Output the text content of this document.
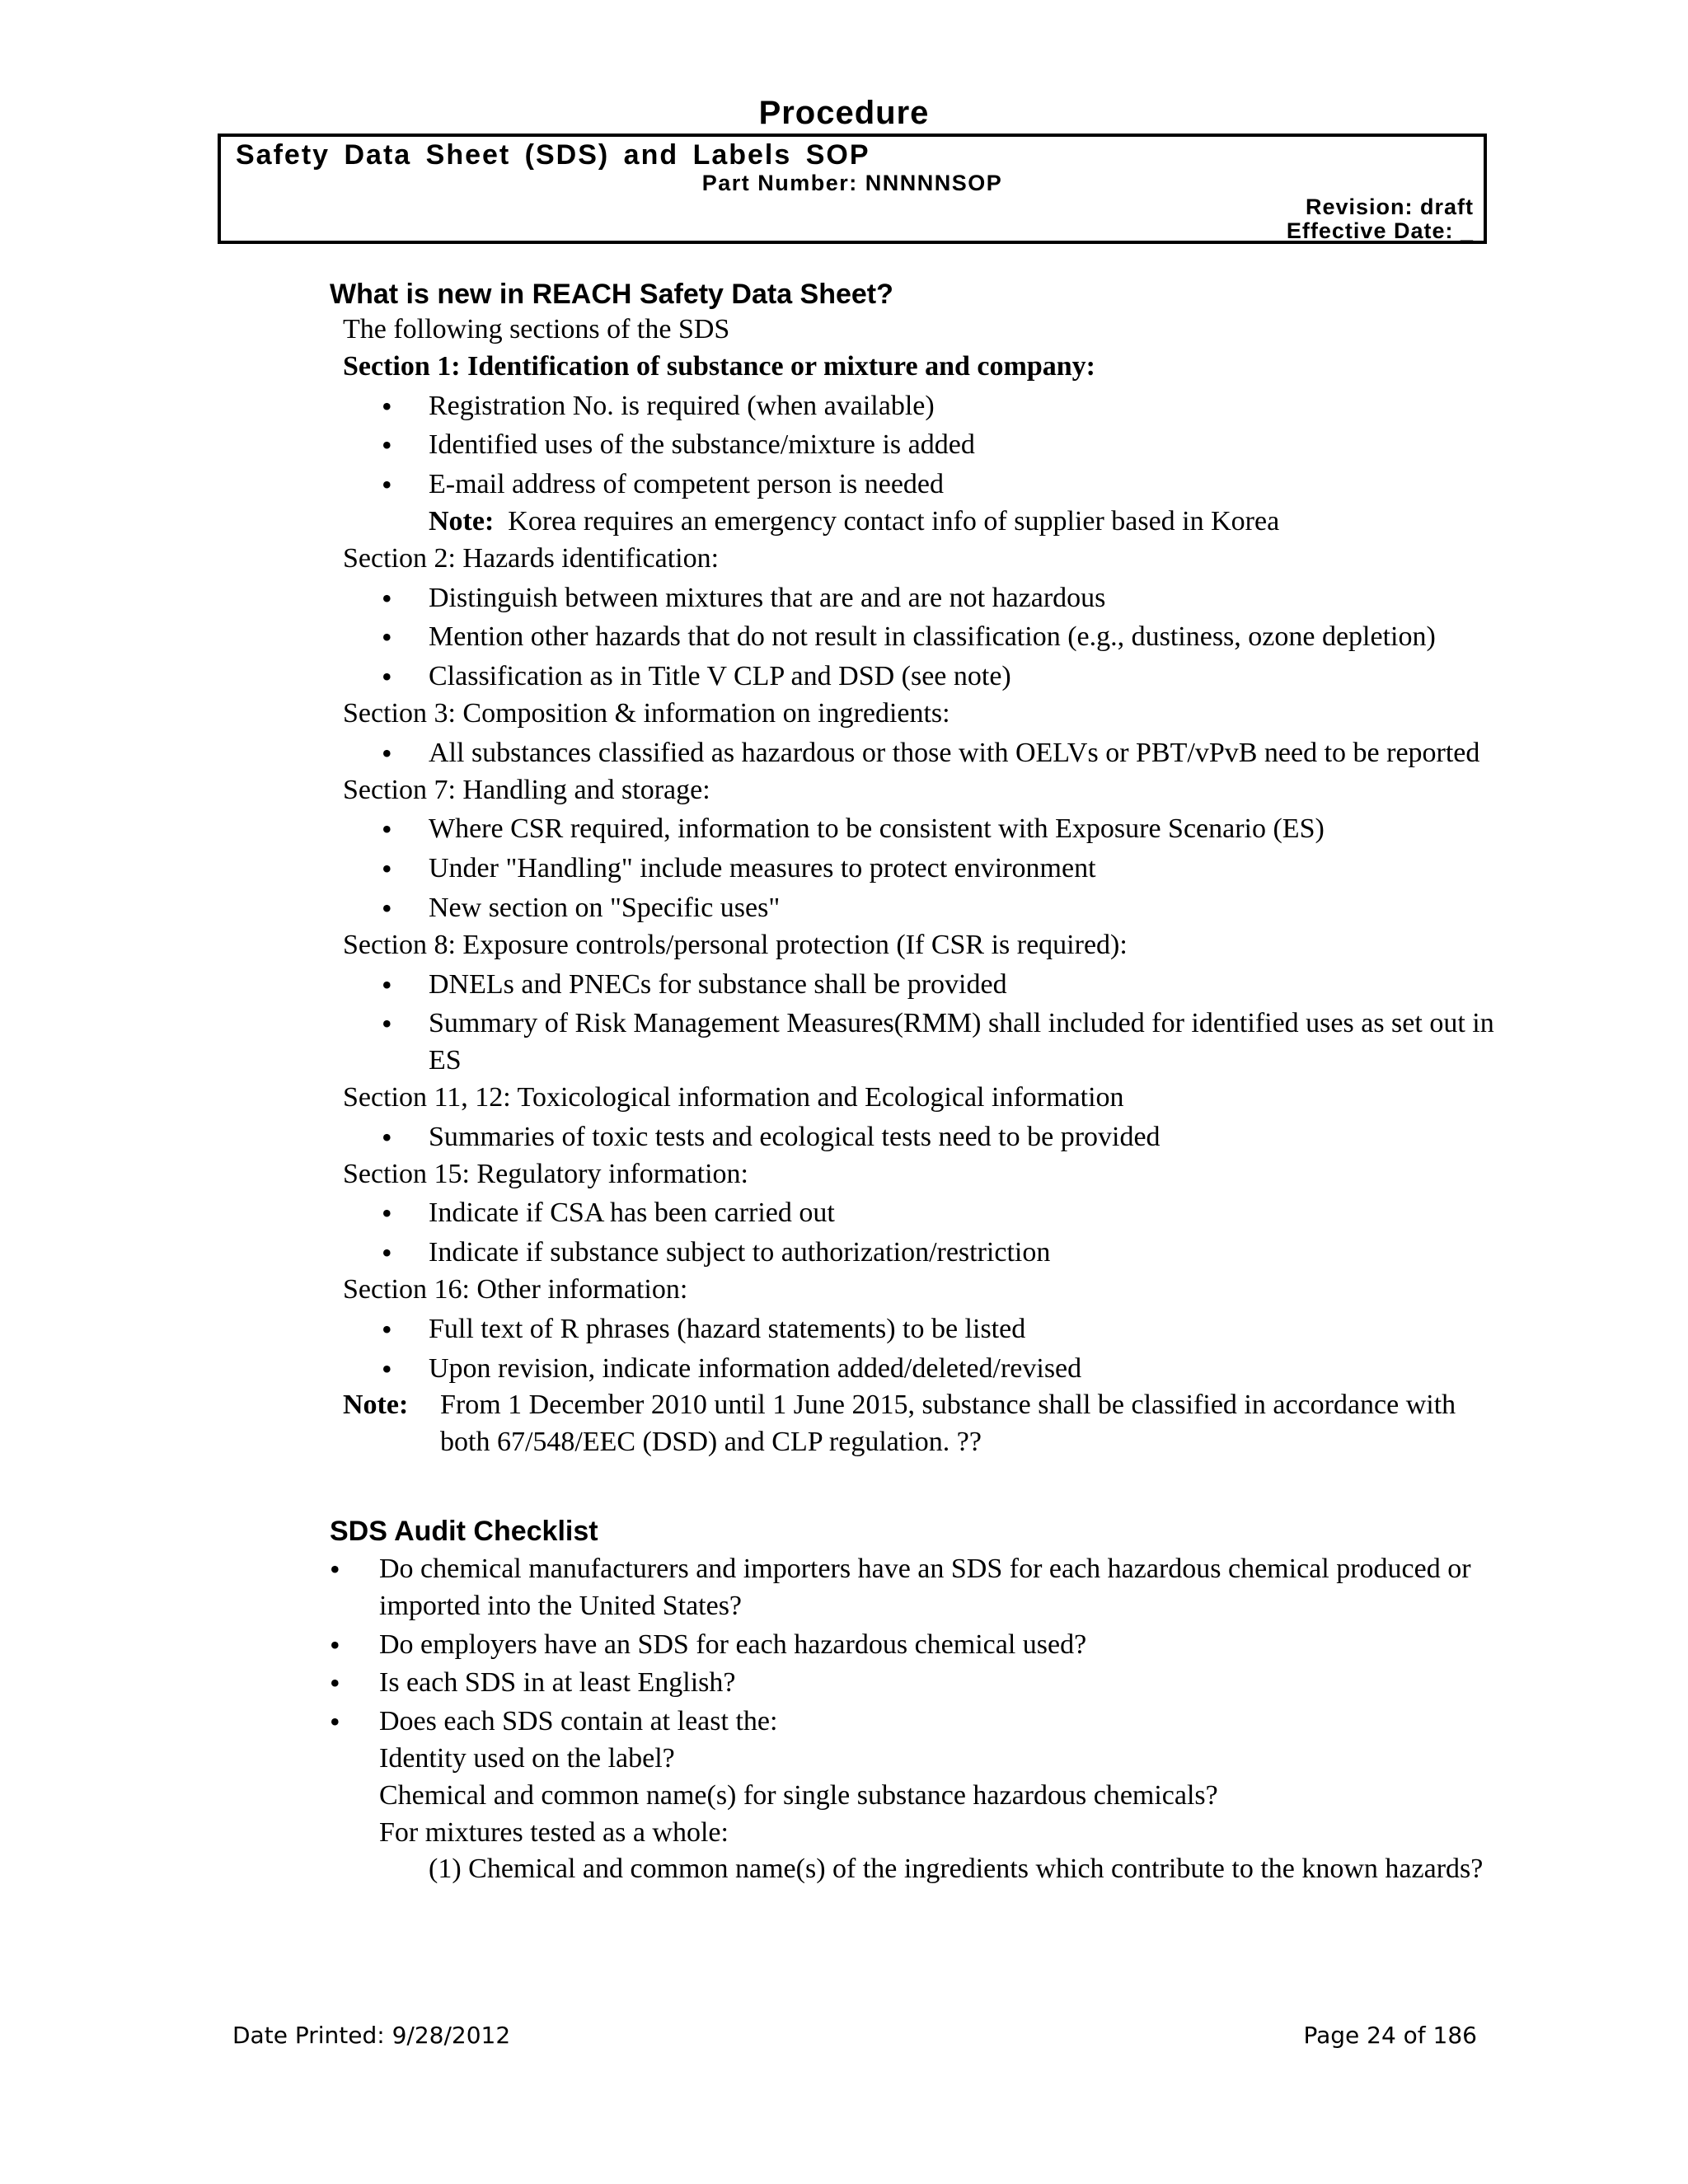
Procedure
Safety Data Sheet (SDS) and Labels SOP
Part Number: NNNNNSOP
Revision: draft
Effective Date: _
What is new in REACH Safety Data Sheet?

The following sections of the SDS

Section 1: Identification of substance or mixture and company:

• Registration No. is required (when available)
• Identified uses of the substance/mixture is added
• E-mail address of competent person is needed
Note: Korea requires an emergency contact info of supplier based in Korea

Section 2: Hazards identification:

• Distinguish between mixtures that are and are not hazardous
• Mention other hazards that do not result in classification (e.g., dustiness, ozone depletion)
• Classification as in Title V CLP and DSD (see note)

Section 3: Composition & information on ingredients:

• All substances classified as hazardous or those with OELVs or PBT/vPvB need to be reported

Section 7: Handling and storage:

• Where CSR required, information to be consistent with Exposure Scenario (ES)
• Under "Handling" include measures to protect environment
• New section on "Specific uses"

Section 8: Exposure controls/personal protection (If CSR is required):

• DNELs and PNECs for substance shall be provided
• Summary of Risk Management Measures(RMM) shall included for identified uses as set out in ES

Section 11, 12: Toxicological information and Ecological information

• Summaries of toxic tests and ecological tests need to be provided

Section 15: Regulatory information:

• Indicate if CSA has been carried out
• Indicate if substance subject to authorization/restriction

Section 16: Other information:

• Full text of R phrases (hazard statements) to be listed
• Upon revision, indicate information added/deleted/revised
Note: From 1 December 2010 until 1 June 2015, substance shall be classified in accordance with both 67/548/EEC (DSD) and CLP regulation. ??
SDS Audit Checklist
• Do chemical manufacturers and importers have an SDS for each hazardous chemical produced or imported into the United States?
• Do employers have an SDS for each hazardous chemical used?
• Is each SDS in at least English?
• Does each SDS contain at least the:
Identity used on the label?
Chemical and common name(s) for single substance hazardous chemicals?
For mixtures tested as a whole:
(1) Chemical and common name(s) of the ingredients which contribute to the known hazards?
Date Printed: 9/28/2012	Page 24 of 186
